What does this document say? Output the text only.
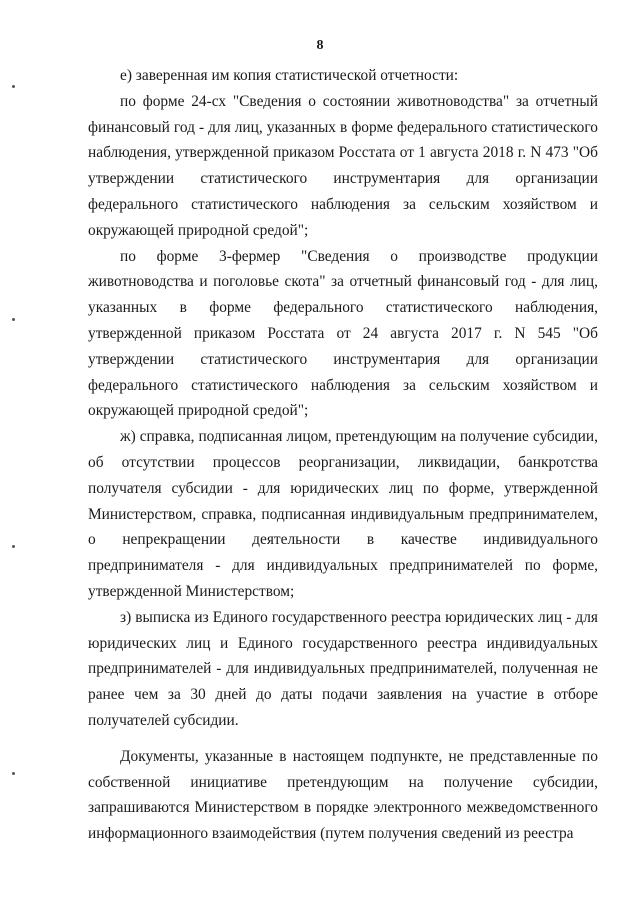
8

е) заверенная им копия статистической отчетности:

по форме 24-сх "Сведения о состоянии животноводства" за отчетный финансовый год - для лиц, указанных в форме федерального статистического наблюдения, утвержденной приказом Росстата от 1 августа 2018 г. N 473 "Об утверждении статистического инструментария для организации федерального статистического наблюдения за сельским хозяйством и окружающей природной средой";

по форме 3-фермер "Сведения о производстве продукции животноводства и поголовье скота" за отчетный финансовый год - для лиц, указанных в форме федерального статистического наблюдения, утвержденной приказом Росстата от 24 августа 2017 г. N 545 "Об утверждении статистического инструментария для организации федерального статистического наблюдения за сельским хозяйством и окружающей природной средой";

ж) справка, подписанная лицом, претендующим на получение субсидии, об отсутствии процессов реорганизации, ликвидации, банкротства получателя субсидии - для юридических лиц по форме, утвержденной Министерством, справка, подписанная индивидуальным предпринимателем, о непрекращении деятельности в качестве индивидуального предпринимателя - для индивидуальных предпринимателей по форме, утвержденной Министерством;

з) выписка из Единого государственного реестра юридических лиц - для юридических лиц и Единого государственного реестра индивидуальных предпринимателей - для индивидуальных предпринимателей, полученная не ранее чем за 30 дней до даты подачи заявления на участие в отборе получателей субсидии.

Документы, указанные в настоящем подпункте, не представленные по собственной инициативе претендующим на получение субсидии, запрашиваются Министерством в порядке электронного межведомственного информационного взаимодействия (путем получения сведений из реестра
